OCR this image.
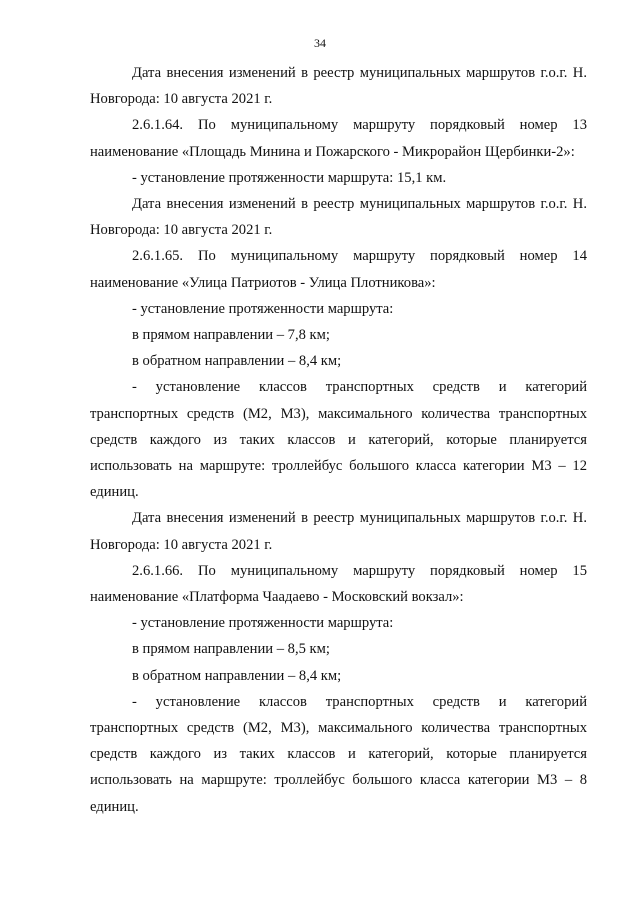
34

Дата внесения изменений в реестр муниципальных маршрутов г.о.г. Н. Новгорода: 10 августа 2021 г.

2.6.1.64. По муниципальному маршруту порядковый номер 13 наименование «Площадь Минина и Пожарского - Микрорайон Щербинки-2»:

- установление протяженности маршрута: 15,1 км.

Дата внесения изменений в реестр муниципальных маршрутов г.о.г. Н. Новгорода: 10 августа 2021 г.

2.6.1.65. По муниципальному маршруту порядковый номер 14 наименование «Улица Патриотов - Улица Плотникова»:

- установление протяженности маршрута:

в прямом направлении – 7,8 км;

в обратном направлении – 8,4 км;

- установление классов транспортных средств и категорий транспортных средств (М2, М3), максимального количества транспортных средств каждого из таких классов и категорий, которые планируется использовать на маршруте: троллейбус большого класса категории М3 – 12 единиц.

Дата внесения изменений в реестр муниципальных маршрутов г.о.г. Н. Новгорода: 10 августа 2021 г.

2.6.1.66. По муниципальному маршруту порядковый номер 15 наименование «Платформа Чаадаево - Московский вокзал»:

- установление протяженности маршрута:

в прямом направлении – 8,5 км;

в обратном направлении – 8,4 км;

- установление классов транспортных средств и категорий транспортных средств (М2, М3), максимального количества транспортных средств каждого из таких классов и категорий, которые планируется использовать на маршруте: троллейбус большого класса категории М3 – 8 единиц.
